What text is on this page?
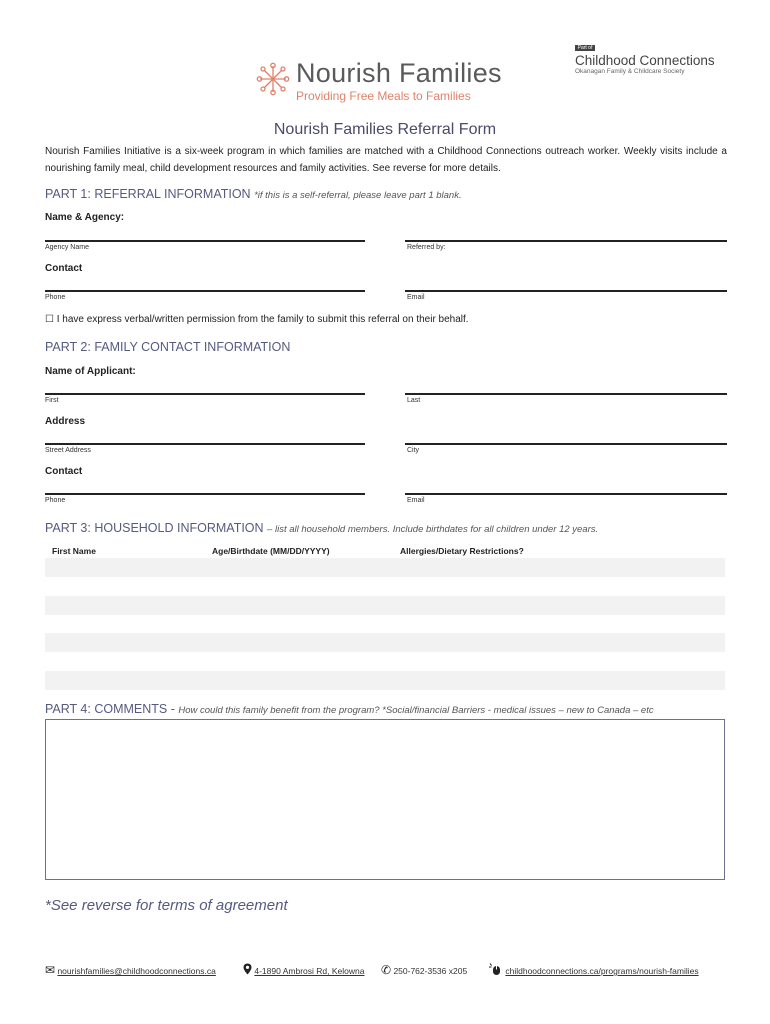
Nourish Families
Providing Free Meals to Families
Part of
Childhood Connections
Okanagan Family & Childcare Society
Nourish Families Referral Form
Nourish Families Initiative is a six-week program in which families are matched with a Childhood Connections outreach worker. Weekly visits include a nourishing family meal, child development resources and family activities. See reverse for more details.
PART 1: REFERRAL INFORMATION *if this is a self-referral, please leave part 1 blank.
Name & Agency:
Agency Name	Referred by:
Contact
Phone	Email
☐ I have express verbal/written permission from the family to submit this referral on their behalf.
PART 2: FAMILY CONTACT INFORMATION
Name of Applicant:
First	Last
Address
Street Address	City
Contact
Phone	Email
PART 3: HOUSEHOLD INFORMATION – list all household members. Include birthdates for all children under 12 years.
First Name	Age/Birthdate (MM/DD/YYYY)	Allergies/Dietary Restrictions?
PART 4: COMMENTS - How could this family benefit from the program? *Social/financial Barriers - medical issues – new to Canada – etc
*See reverse for terms of agreement
✉ nourishfamilies@childhoodconnections.ca	4-1890 Ambrosi Rd, Kelowna ✆ 250-762-3536 x205	childhoodconnections.ca/programs/nourish-families
